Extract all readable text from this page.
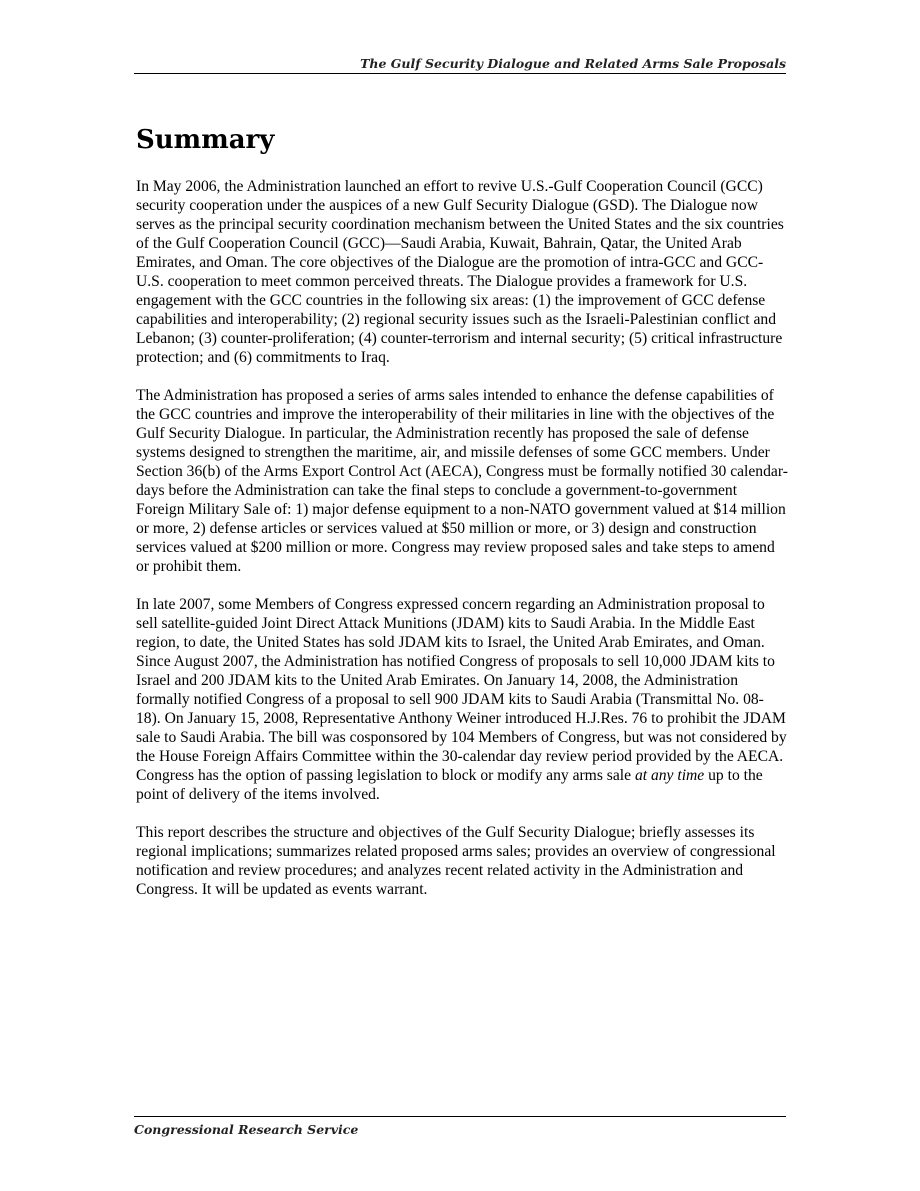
The Gulf Security Dialogue and Related Arms Sale Proposals
Summary

In May 2006, the Administration launched an effort to revive U.S.-Gulf Cooperation Council (GCC) security cooperation under the auspices of a new Gulf Security Dialogue (GSD). The Dialogue now serves as the principal security coordination mechanism between the United States and the six countries of the Gulf Cooperation Council (GCC)—Saudi Arabia, Kuwait, Bahrain, Qatar, the United Arab Emirates, and Oman. The core objectives of the Dialogue are the promotion of intra-GCC and GCC-U.S. cooperation to meet common perceived threats. The Dialogue provides a framework for U.S. engagement with the GCC countries in the following six areas: (1) the improvement of GCC defense capabilities and interoperability; (2) regional security issues such as the Israeli-Palestinian conflict and Lebanon; (3) counter-proliferation; (4) counter-terrorism and internal security; (5) critical infrastructure protection; and (6) commitments to Iraq.

The Administration has proposed a series of arms sales intended to enhance the defense capabilities of the GCC countries and improve the interoperability of their militaries in line with the objectives of the Gulf Security Dialogue. In particular, the Administration recently has proposed the sale of defense systems designed to strengthen the maritime, air, and missile defenses of some GCC members. Under Section 36(b) of the Arms Export Control Act (AECA), Congress must be formally notified 30 calendar-days before the Administration can take the final steps to conclude a government-to-government Foreign Military Sale of: 1) major defense equipment to a non-NATO government valued at $14 million or more, 2) defense articles or services valued at $50 million or more, or 3) design and construction services valued at $200 million or more. Congress may review proposed sales and take steps to amend or prohibit them.

In late 2007, some Members of Congress expressed concern regarding an Administration proposal to sell satellite-guided Joint Direct Attack Munitions (JDAM) kits to Saudi Arabia. In the Middle East region, to date, the United States has sold JDAM kits to Israel, the United Arab Emirates, and Oman. Since August 2007, the Administration has notified Congress of proposals to sell 10,000 JDAM kits to Israel and 200 JDAM kits to the United Arab Emirates. On January 14, 2008, the Administration formally notified Congress of a proposal to sell 900 JDAM kits to Saudi Arabia (Transmittal No. 08-18). On January 15, 2008, Representative Anthony Weiner introduced H.J.Res. 76 to prohibit the JDAM sale to Saudi Arabia. The bill was cosponsored by 104 Members of Congress, but was not considered by the House Foreign Affairs Committee within the 30-calendar day review period provided by the AECA. Congress has the option of passing legislation to block or modify any arms sale at any time up to the point of delivery of the items involved.

This report describes the structure and objectives of the Gulf Security Dialogue; briefly assesses its regional implications; summarizes related proposed arms sales; provides an overview of congressional notification and review procedures; and analyzes recent related activity in the Administration and Congress. It will be updated as events warrant.

Congressional Research Service
